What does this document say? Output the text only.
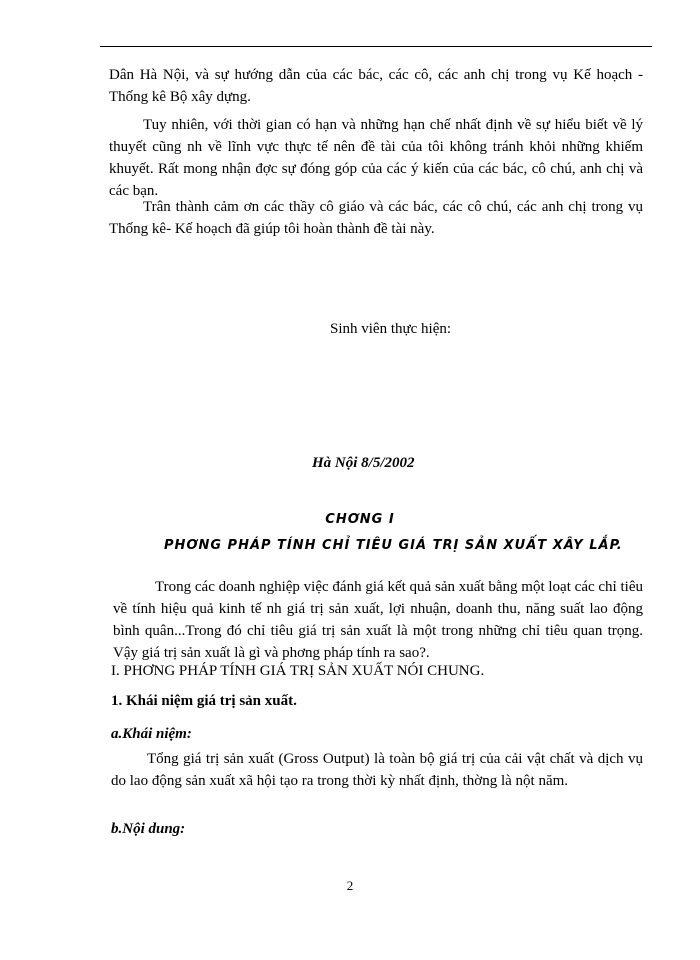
Dân Hà Nội, và sự hướng dẫn của các bác, các cô, các anh chị trong vụ Kế hoạch -Thống kê Bộ xây dựng.

Tuy nhiên, với thời gian có hạn và những hạn chế nhất định về sự hiểu biết về lý thuyết cũng nh về lĩnh vực thực tế nên đề tài của tôi không tránh khỏi những khiếm khuyết. Rất mong nhận đợc sự đóng góp của các ý kiến của các bác, cô chú, anh chị và các bạn.

Trân thành cảm ơn các thầy cô giáo và các bác, các cô chú, các anh chị trong vụ Thống kê- Kế hoạch đã giúp tôi hoàn thành đề tài này.

Sinh viên thực hiện:

Hà Nội 8/5/2002

CHƠNG I

PHƠNG PHÁP TÍNH CHỈ TIÊU GIÁ TRỊ SẢN XUẤT XÂY LẮP.

Trong các doanh nghiệp việc đánh giá kết quả sản xuất bằng một loạt các chỉ tiêu về tính hiệu quả kinh tế nh giá trị sản xuất, lợi nhuận, doanh thu, năng suất lao động bình quân...Trong đó chỉ tiêu giá trị sản xuất là một trong những chỉ tiêu quan trọng. Vậy giá trị sản xuất là gì và phơng pháp tính ra sao?.

I. PHƠNG PHÁP TÍNH GIÁ TRỊ SẢN XUẤT NÓI CHUNG.

1. Khái niệm giá trị sản xuất.

a.Khái niệm:

Tổng giá trị sản xuất (Gross Output) là toàn bộ giá trị của cải vật chất và dịch vụ do lao động sản xuất xã hội tạo ra trong thời kỳ nhất định, thờng là nột năm.

b.Nội dung:

2
